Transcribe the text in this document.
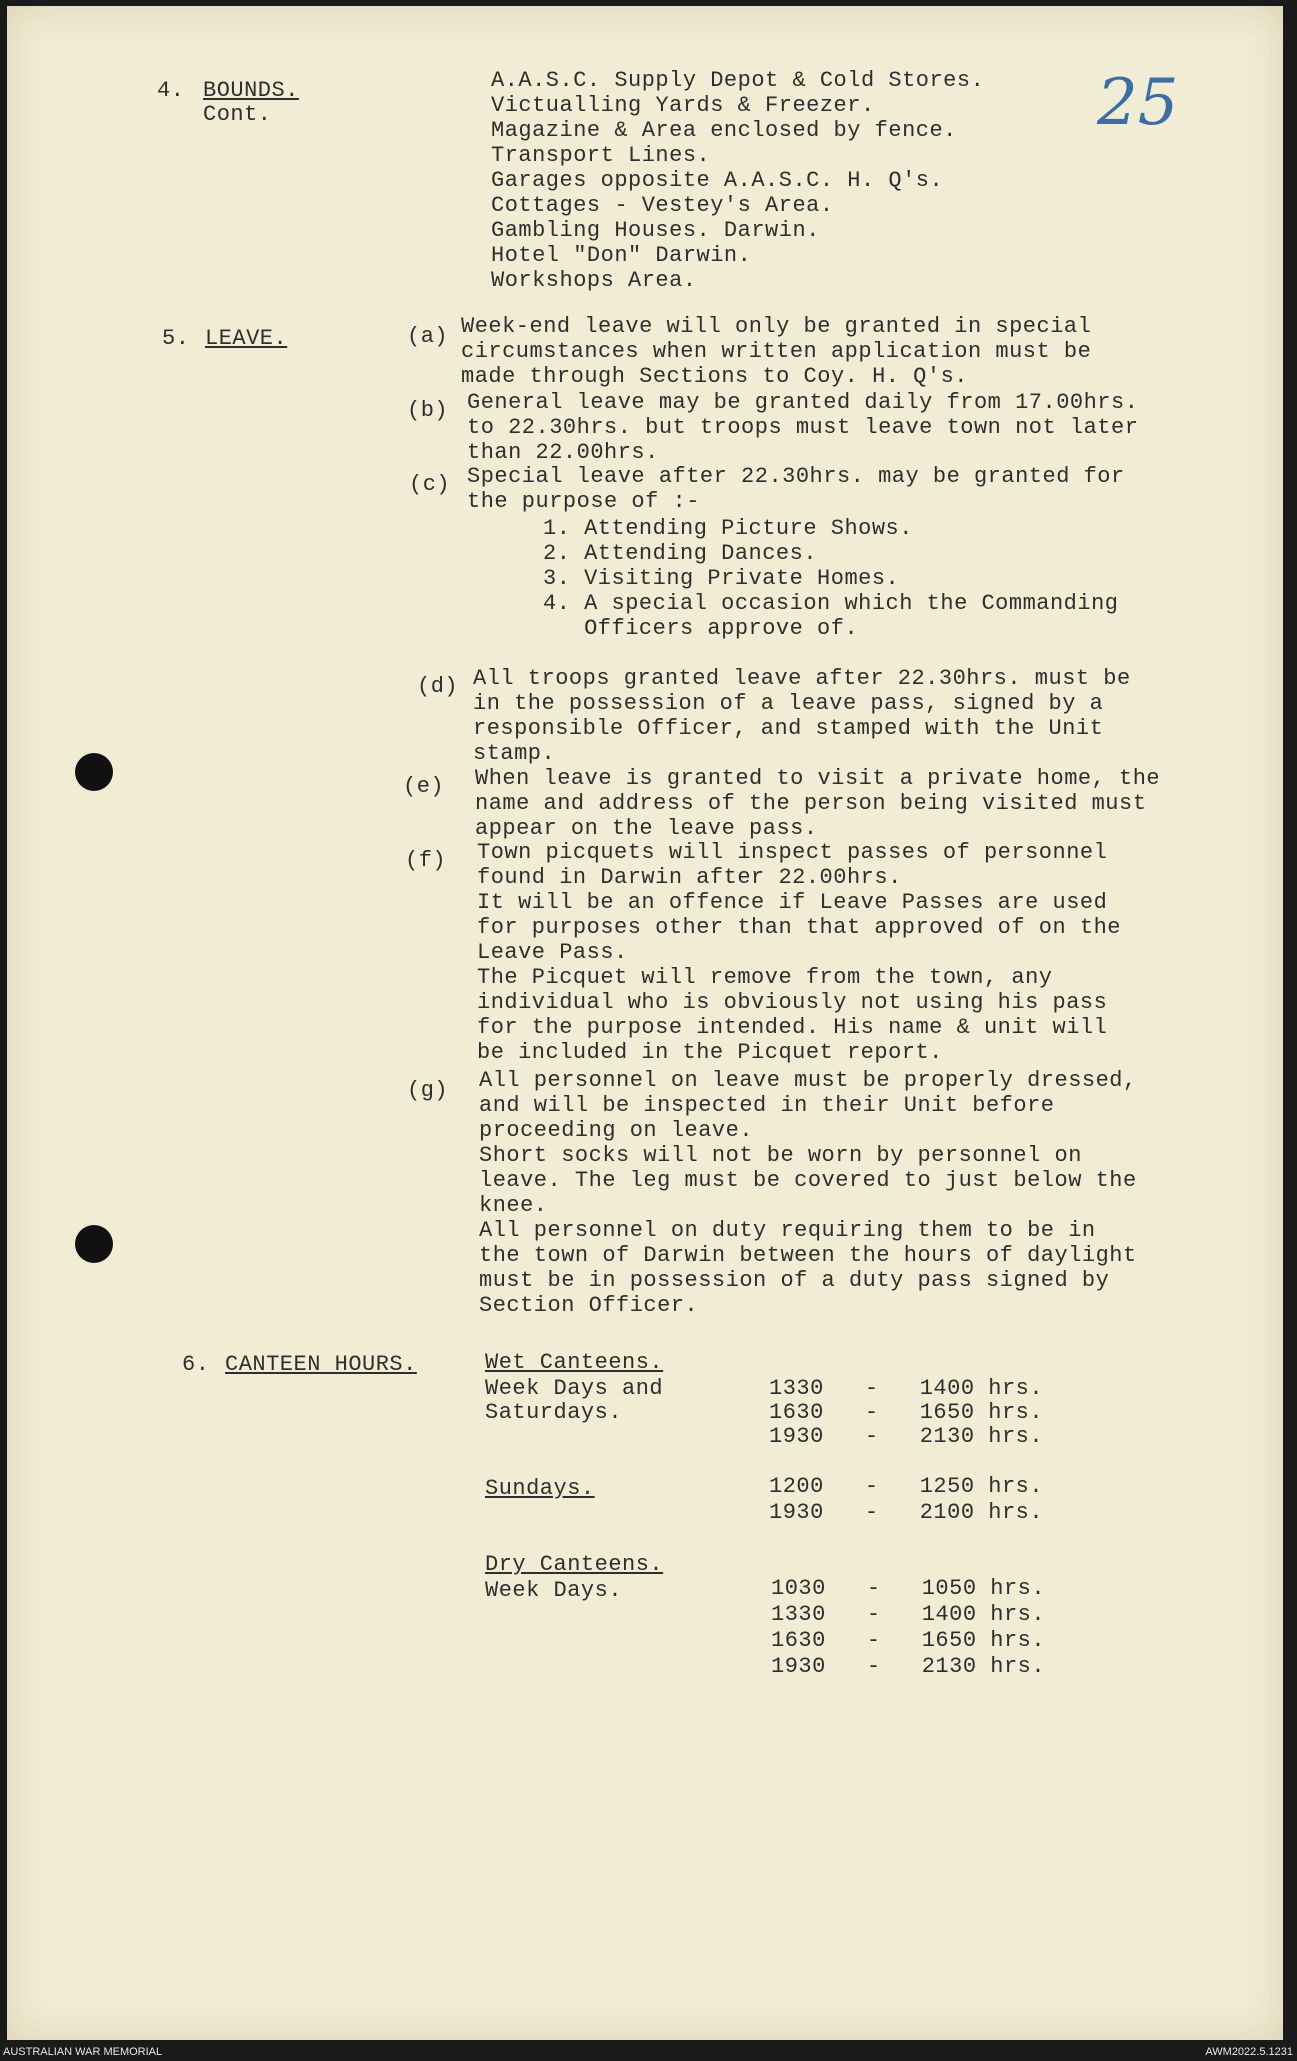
25
4. BOUNDS.
Cont.
A.A.S.C. Supply Depot & Cold Stores.
Victualling Yards & Freezer.
Magazine & Area enclosed by fence.
Transport Lines.
Garages opposite A.A.S.C. H. Q's.
Cottages - Vestey's Area.
Gambling Houses. Darwin.
Hotel "Don" Darwin.
Workshops Area.
5. LEAVE.	(a) Week-end leave will only be granted in special
circumstances when written application must be
made through Sections to Coy. H. Q's.
(b) General leave may be granted daily from 17.00hrs.
to 22.30hrs. but troops must leave town not later
than 22.00hrs.
(c) Special leave after 22.30hrs. may be granted for
the purpose of :-
1. Attending Picture Shows.
2. Attending Dances.
3. Visiting Private Homes.
4. A special occasion which the Commanding
Officers approve of.
(d) All troops granted leave after 22.30hrs. must be
in the possession of a leave pass, signed by a
responsible Officer, and stamped with the Unit
stamp.
(e) When leave is granted to visit a private home, the
name and address of the person being visited must
appear on the leave pass.
(f) Town picquets will inspect passes of personnel
found in Darwin after 22.00hrs.
It will be an offence if Leave Passes are used
for purposes other than that approved of on the
Leave Pass.
The Picquet will remove from the town, any
individual who is obviously not using his pass
for the purpose intended. His name & unit will
be included in the Picquet report.
(g) All personnel on leave must be properly dressed,
and will be inspected in their Unit before
proceeding on leave.
Short socks will not be worn by personnel on
leave. The leg must be covered to just below the
knee.
All personnel on duty requiring them to be in
the town of Darwin between the hours of daylight
must be in possession of a duty pass signed by
Section Officer.
6. CANTEEN HOURS.	Wet Canteens.
Week Days and
Saturdays.
1330 - 1400 hrs.
1630 - 1650 hrs.
1930 - 2130 hrs.
Sundays.	1200 - 1250 hrs.
1930 - 2100 hrs.
Dry Canteens.
Week Days.	1030 - 1050 hrs.
1330 - 1400 hrs.
1630 - 1650 hrs.
1930 - 2130 hrs.
AUSTRALIAN WAR MEMORIAL	AWM2022.5.1231
